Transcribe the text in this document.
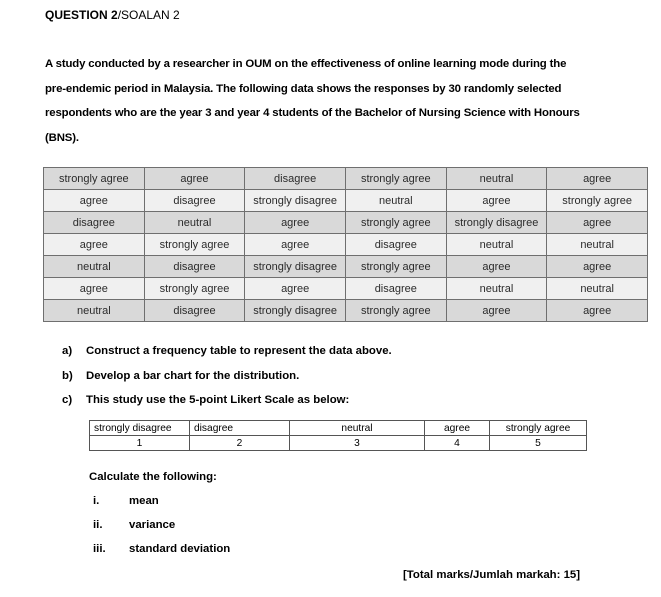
QUESTION 2/SOALAN 2
A study conducted by a researcher in OUM on the effectiveness of online learning mode during the
pre-endemic period in Malaysia. The following data shows the responses by 30 randomly selected
respondents who are the year 3 and year 4 students of the Bachelor of Nursing Science with Honours
(BNS).
strongly agree	agree	disagree	strongly agree	neutral	agree
agree	disagree	strongly disagree	neutral	agree	strongly agree
disagree	neutral	agree	strongly agree	strongly disagree	agree
agree	strongly agree	agree	disagree	neutral	neutral
neutral	disagree	strongly disagree	strongly agree	agree	agree
agree	strongly agree	agree	disagree	neutral	neutral
neutral	disagree	strongly disagree	strongly agree	agree	agree
a) Construct a frequency table to represent the data above.
b) Develop a bar chart for the distribution.
c) This study use the 5-point Likert Scale as below:
strongly disagree	disagree	neutral	agree	strongly agree
1	2	3	4	5
Calculate the following:
i.	mean
ii. variance
iii. standard deviation
[Total marks/Jumlah markah: 15]
